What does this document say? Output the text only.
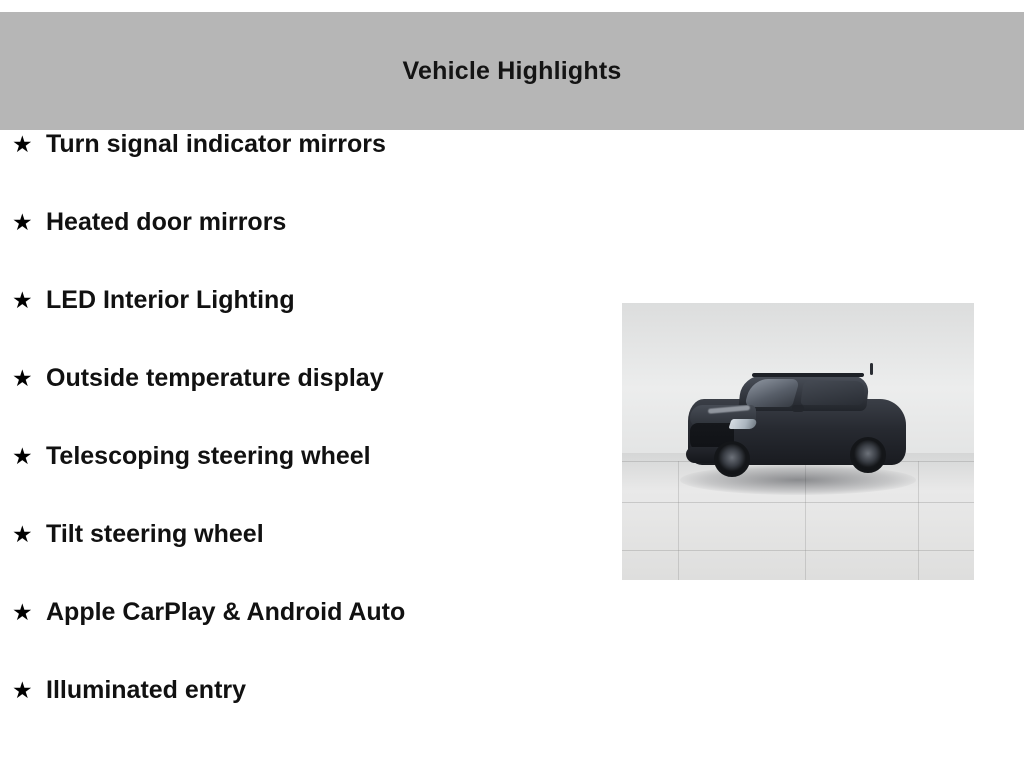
Vehicle Highlights
★ Turn signal indicator mirrors
★ Heated door mirrors
★ LED Interior Lighting
★ Outside temperature display
★ Telescoping steering wheel
★ Tilt steering wheel
★ Apple CarPlay & Android Auto
★ Illuminated entry
